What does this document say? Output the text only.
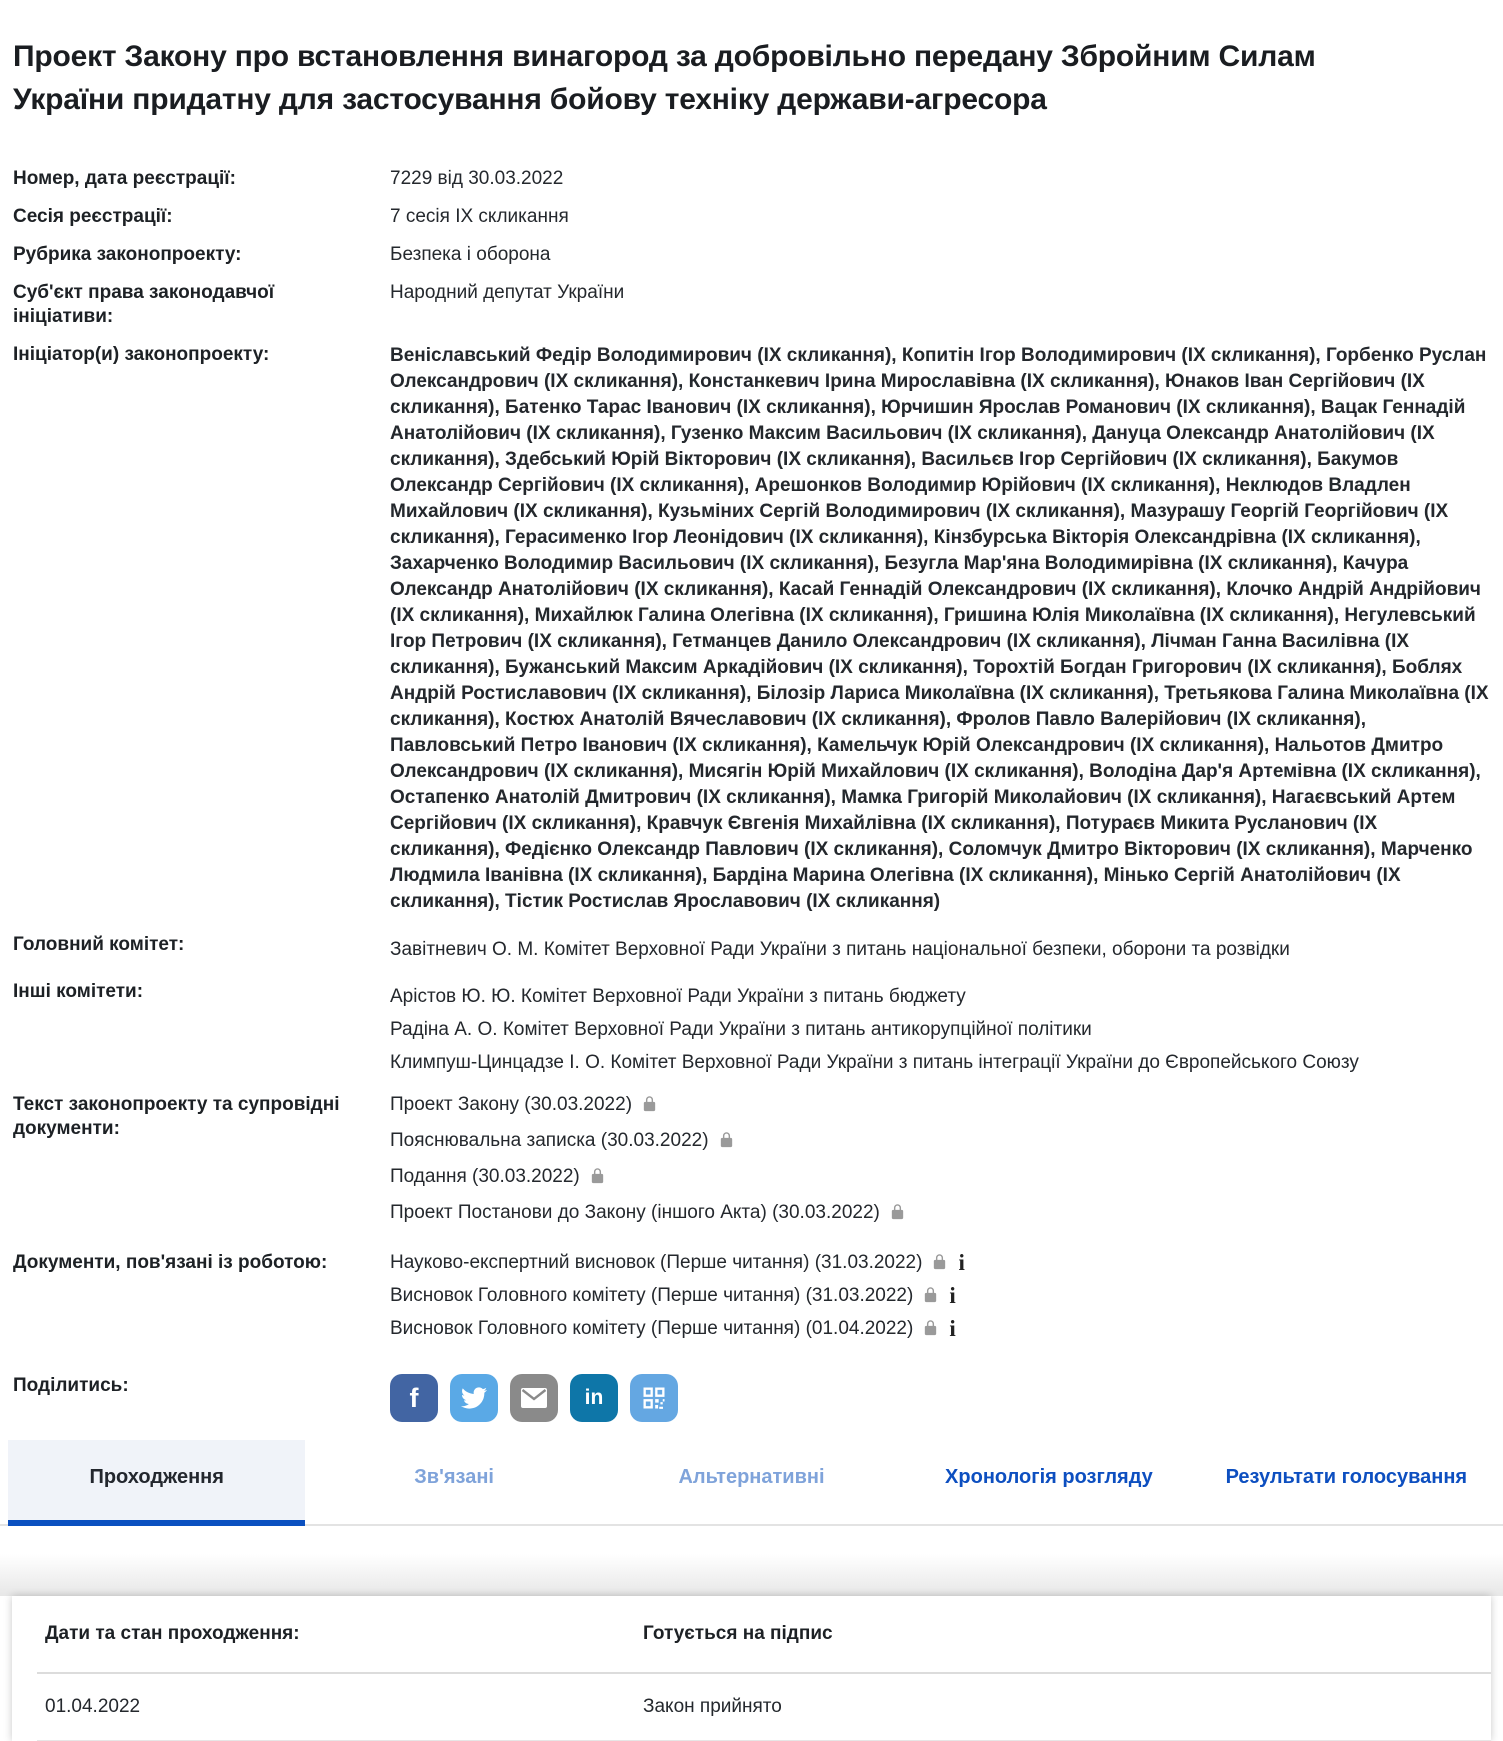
Проект Закону про встановлення винагород за добровільно передану Збройним Силам України придатну для застосування бойову техніку держави-агресора
Номер, дата реєстрації:	7229 від 30.03.2022
Сесія реєстрації:	7 сесія ІХ скликання
Рубрика законопроекту:	Безпека і оборона
Суб'єкт права законодавчої ініціативи:
Народний депутат України
Ініціатор(и) законопроекту:	Веніславський Федір Володимирович (ІХ скликання), Копитін Ігор Володимирович (ІХ скликання), Горбенко Руслан Олександрович (ІХ скликання), Констанкевич Ірина Мирославівна (ІХ скликання), Юнаков Іван Сергійович (ІХ скликання), Батенко Тарас Іванович (ІХ скликання), Юрчишин Ярослав Романович (ІХ скликання), Вацак Геннадій Анатолійович (ІХ скликання), Гузенко Максим Васильович (ІХ скликання), Дануца Олександр Анатолійович (ІХ скликання), Здебський Юрій Вікторович (ІХ скликання), Васильєв Ігор Сергійович (ІХ скликання), Бакумов Олександр Сергійович (ІХ скликання), Арешонков Володимир Юрійович (ІХ скликання), Неклюдов Владлен Михайлович (ІХ скликання), Кузьміних Сергій Володимирович (ІХ скликання), Мазурашу Георгій Георгійович (ІХ скликання), Герасименко Ігор Леонідович (ІХ скликання), Кінзбурська Вікторія Олександрівна (ІХ скликання), Захарченко Володимир Васильович (ІХ скликання), Безугла Мар'яна Володимирівна (ІХ скликання), Качура Олександр Анатолійович (ІХ скликання), Касай Геннадій Олександрович (ІХ скликання), Клочко Андрій Андрійович (ІХ скликання), Михайлюк Галина Олегівна (ІХ скликання), Гришина Юлія Миколаївна (ІХ скликання), Негулевський Ігор Петрович (ІХ скликання), Гетманцев Данило Олександрович (ІХ скликання), Лічман Ганна Василівна (ІХ скликання), Бужанський Максим Аркадійович (ІХ скликання), Торохтій Богдан Григорович (ІХ скликання), Боблях Андрій Ростиславович (ІХ скликання), Білозір Лариса Миколаївна (ІХ скликання), Третьякова Галина Миколаївна (ІХ скликання), Костюх Анатолій Вячеславович (ІХ скликання), Фролов Павло Валерійович (ІХ скликання), Павловський Петро Іванович (ІХ скликання), Камельчук Юрій Олександрович (ІХ скликання), Нальотов Дмитро Олександрович (ІХ скликання), Мисягін Юрій Михайлович (ІХ скликання), Володіна Дар'я Артемівна (ІХ скликання), Остапенко Анатолій Дмитрович (ІХ скликання), Мамка Григорій Миколайович (ІХ скликання), Нагаєвський Артем Сергійович (ІХ скликання), Кравчук Євгенія Михайлівна (ІХ скликання), Потураєв Микита Русланович (ІХ скликання), Федієнко Олександр Павлович (ІХ скликання), Соломчук Дмитро Вікторович (ІХ скликання), Марченко Людмила Іванівна (ІХ скликання), Бардіна Марина Олегівна (ІХ скликання), Мінько Сергій Анатолійович (ІХ скликання), Тістик Ростислав Ярославович (ІХ скликання)
Головний комітет:	Завітневич О. М. Комітет Верховної Ради України з питань національної безпеки, оборони та розвідки
Інші комітети:	Арістов Ю. Ю. Комітет Верховної Ради України з питань бюджету
Радіна А. О. Комітет Верховної Ради України з питань антикорупційної політики
Климпуш-Цинцадзе І. О. Комітет Верховної Ради України з питань інтеграції України до Європейського Союзу
Текст законопроекту та супровідні документи:
Проект Закону (30.03.2022)
Пояснювальна записка (30.03.2022)
Подання (30.03.2022)
Проект Постанови до Закону (іншого Акта) (30.03.2022)
Документи, пов'язані із роботою:	Науково-експертний висновок (Перше читання) (31.03.2022) i
Висновок Головного комітету (Перше читання) (31.03.2022) i
Висновок Головного комітету (Перше читання) (01.04.2022) i
Поділитись:	f	in
Проходження	Зв'язані	Альтернативні	Хронологія розгляду	Результати голосування
Дати та стан проходження:	Готується на підпис
01.04.2022	Закон прийнято
